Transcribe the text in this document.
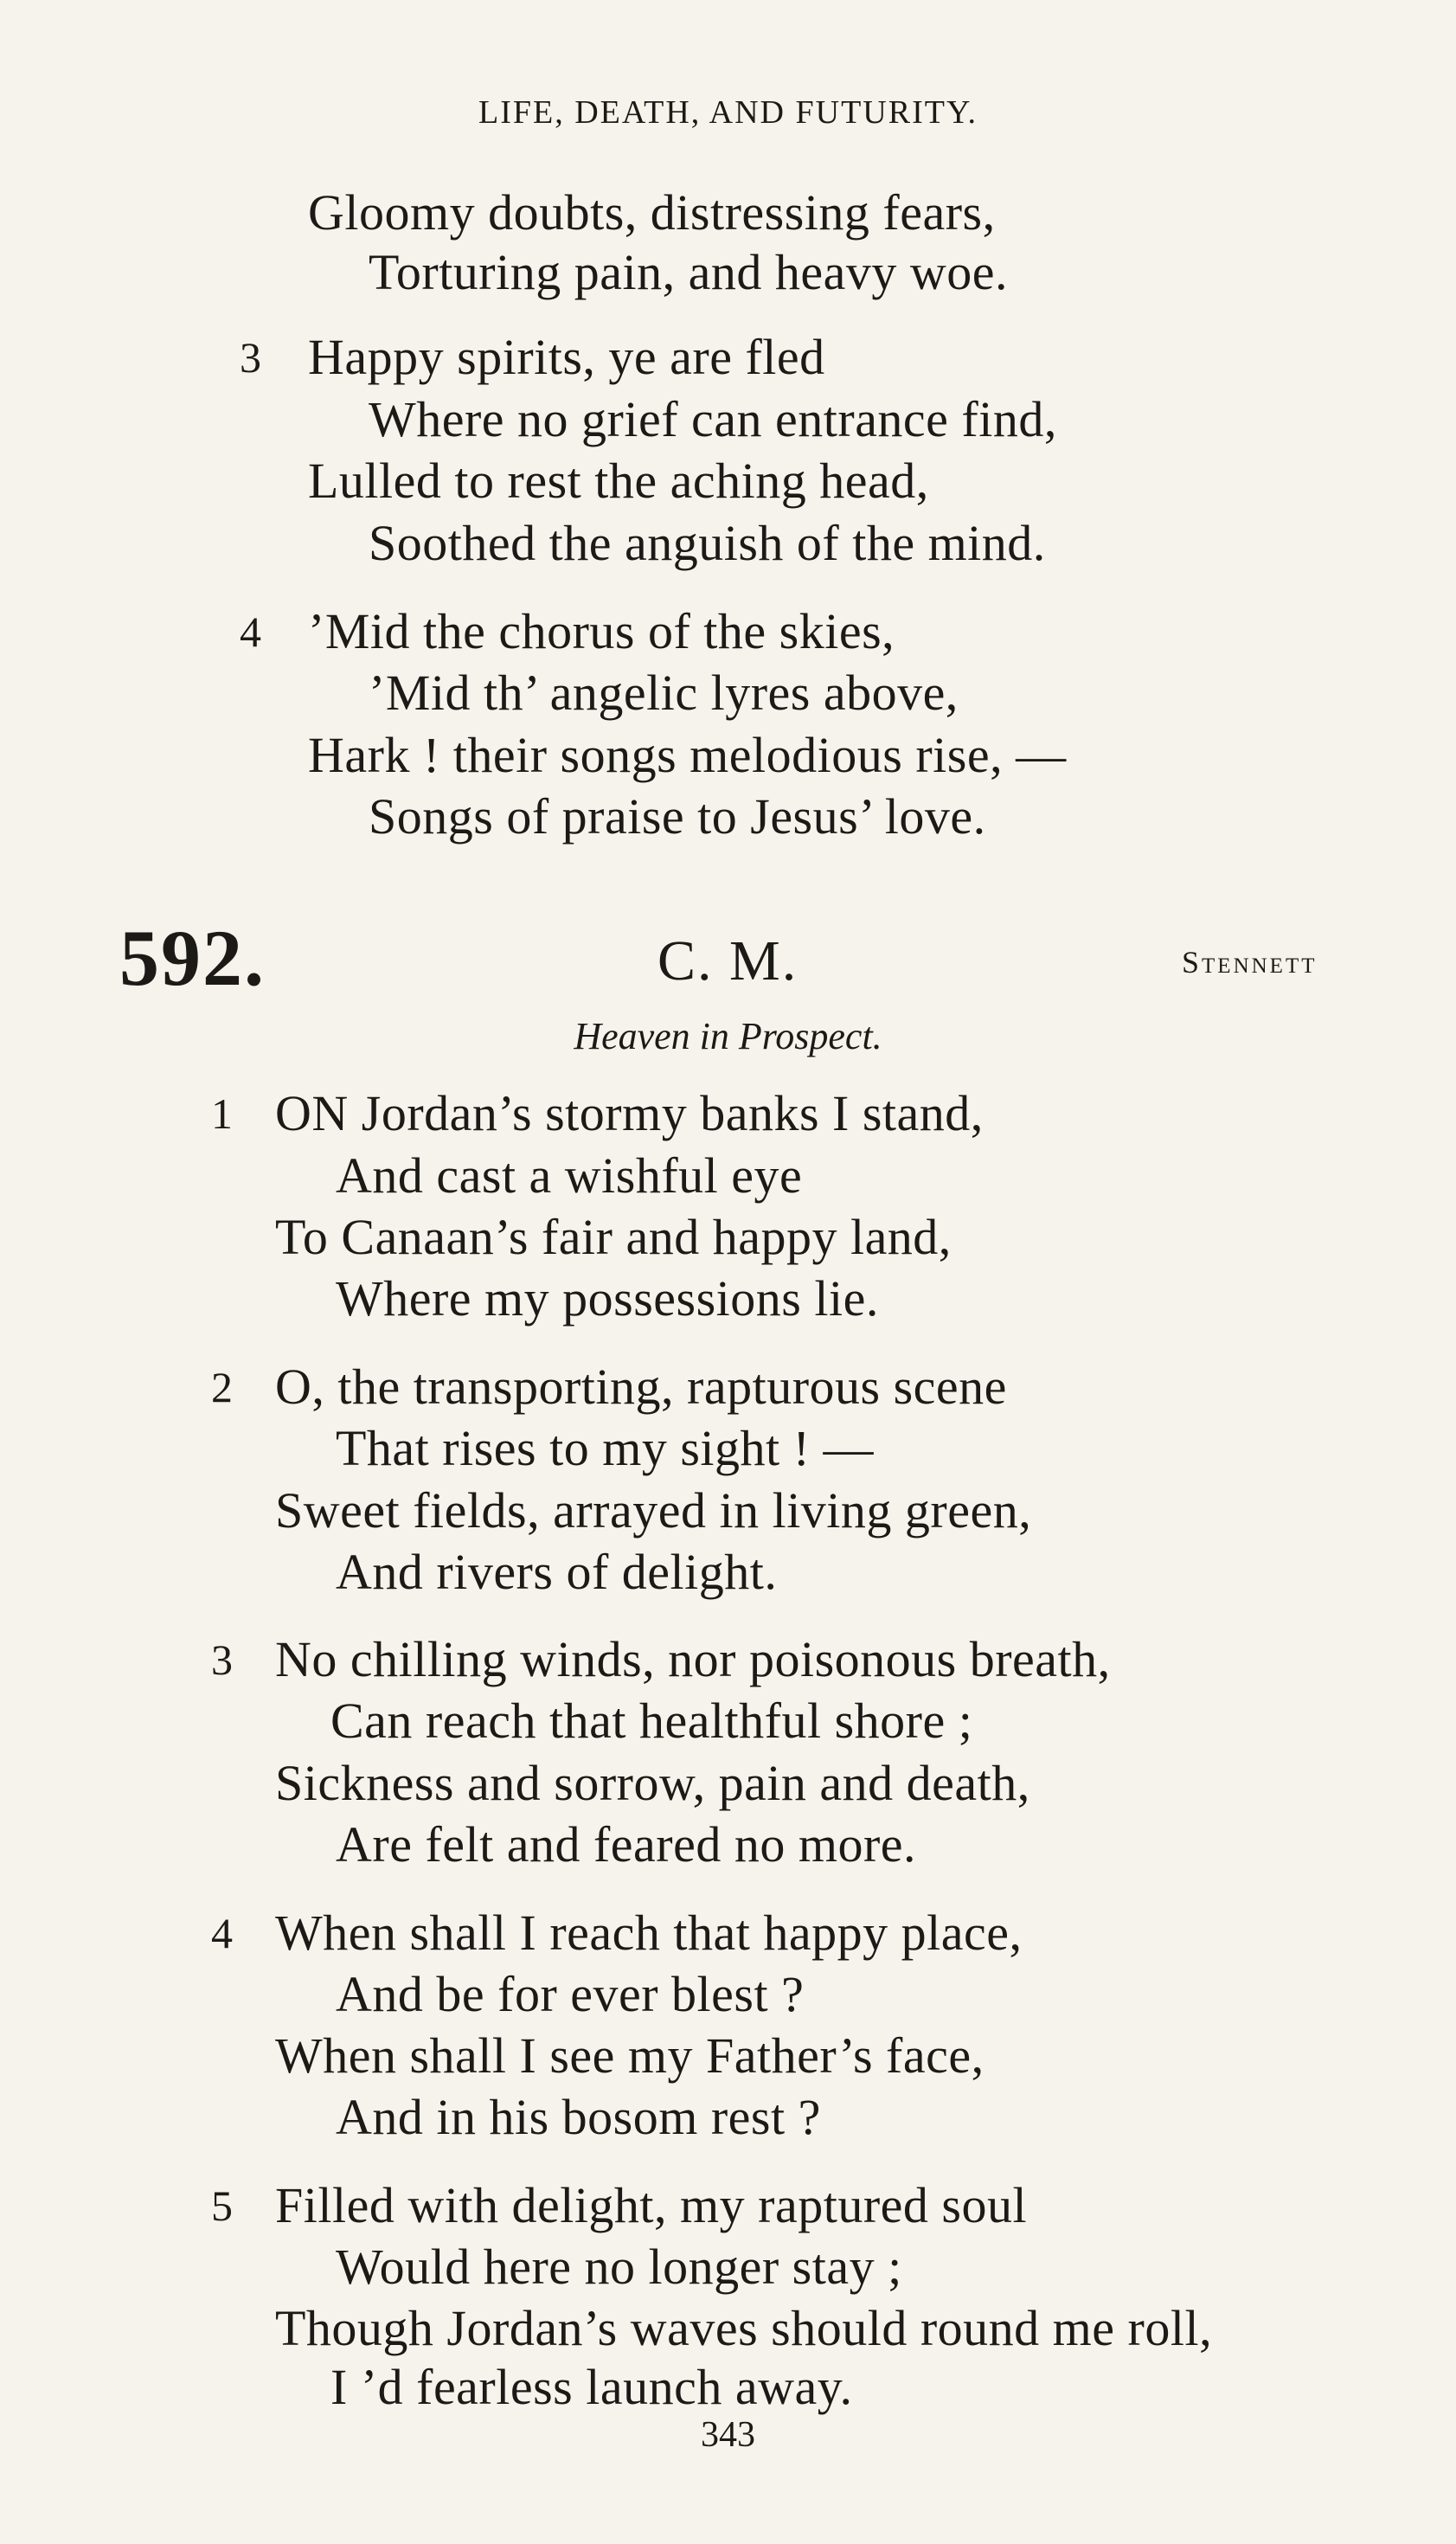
LIFE, DEATH, AND FUTURITY.
Gloomy doubts, distressing fears,
Torturing pain, and heavy woe.
3 Happy spirits, ye are fled
Where no grief can entrance find,
Lulled to rest the aching head,
Soothed the anguish of the mind.
4 ’Mid the chorus of the skies,
’Mid th’ angelic lyres above,
Hark ! their songs melodious rise, —
Songs of praise to Jesus’ love.
592.	C. M.	Stennett
Heaven in Prospect.
1 ON Jordan’s stormy banks I stand,
And cast a wishful eye
To Canaan’s fair and happy land,
Where my possessions lie.
2 O, the transporting, rapturous scene
That rises to my sight ! —
Sweet fields, arrayed in living green,
And rivers of delight.
3 No chilling winds, nor poisonous breath,
Can reach that healthful shore ;
Sickness and sorrow, pain and death,
Are felt and feared no more.
4 When shall I reach that happy place,
And be for ever blest ?
When shall I see my Father’s face,
And in his bosom rest ?
5 Filled with delight, my raptured soul
Would here no longer stay ;
Though Jordan’s waves should round me roll,
I ’d fearless launch away.
343
